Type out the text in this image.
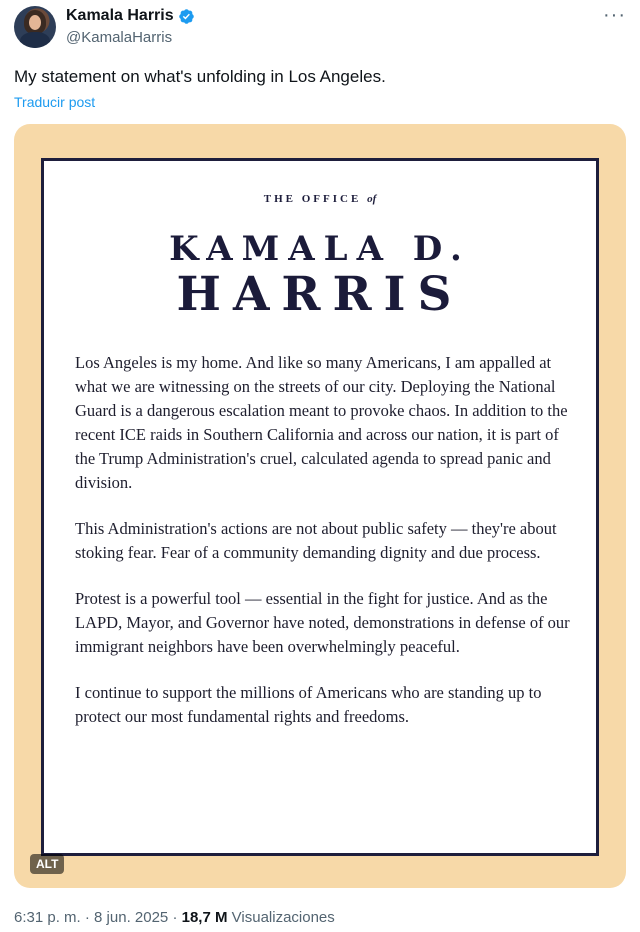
Kamala Harris
@KamalaHarris
···
My statement on what's unfolding in Los Angeles.
Traducir post
THE OFFICE of
KAMALA D.
HARRIS

Los Angeles is my home. And like so many Americans, I am appalled at what we are witnessing on the streets of our city. Deploying the National Guard is a dangerous escalation meant to provoke chaos. In addition to the recent ICE raids in Southern California and across our nation, it is part of the Trump Administration's cruel, calculated agenda to spread panic and division.

This Administration's actions are not about public safety — they're about stoking fear. Fear of a community demanding dignity and due process.

Protest is a powerful tool — essential in the fight for justice. And as the LAPD, Mayor, and Governor have noted, demonstrations in defense of our immigrant neighbors have been overwhelmingly peaceful.

I continue to support the millions of Americans who are standing up to protect our most fundamental rights and freedoms.

ALT
6:31 p. m. · 8 jun. 2025 · 18,7 M Visualizaciones
